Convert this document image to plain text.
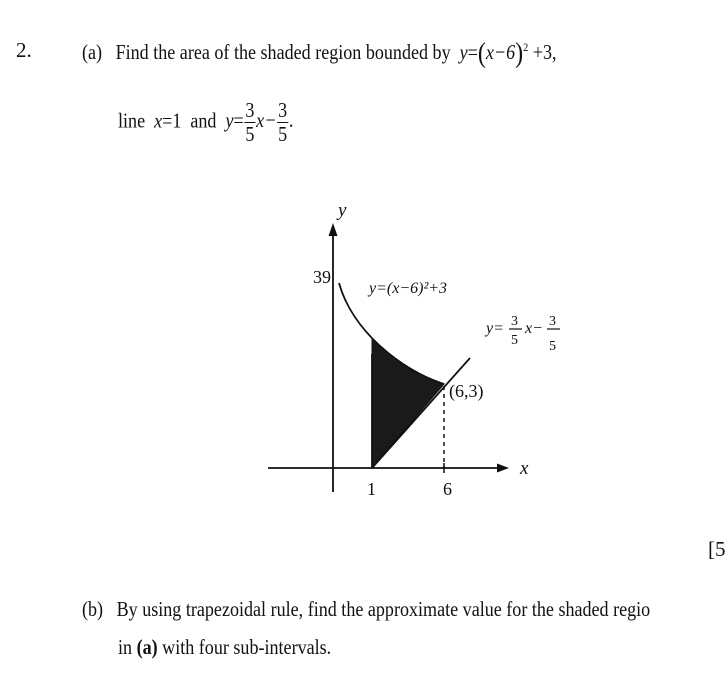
2. (a) Find the area of the shaded region bounded by $y=(x-6)^2 +3$,
line x=1 and $y= \frac{3}{5} x- \frac{3}{5}$ .
y
x
39
1	6
(6,3)
y=(x−6)²+3
y= 3
5
x− 3
5
[5
(b) By using trapezoidal rule, find the approximate value for the shaded regio
in (a) with four sub-intervals.
